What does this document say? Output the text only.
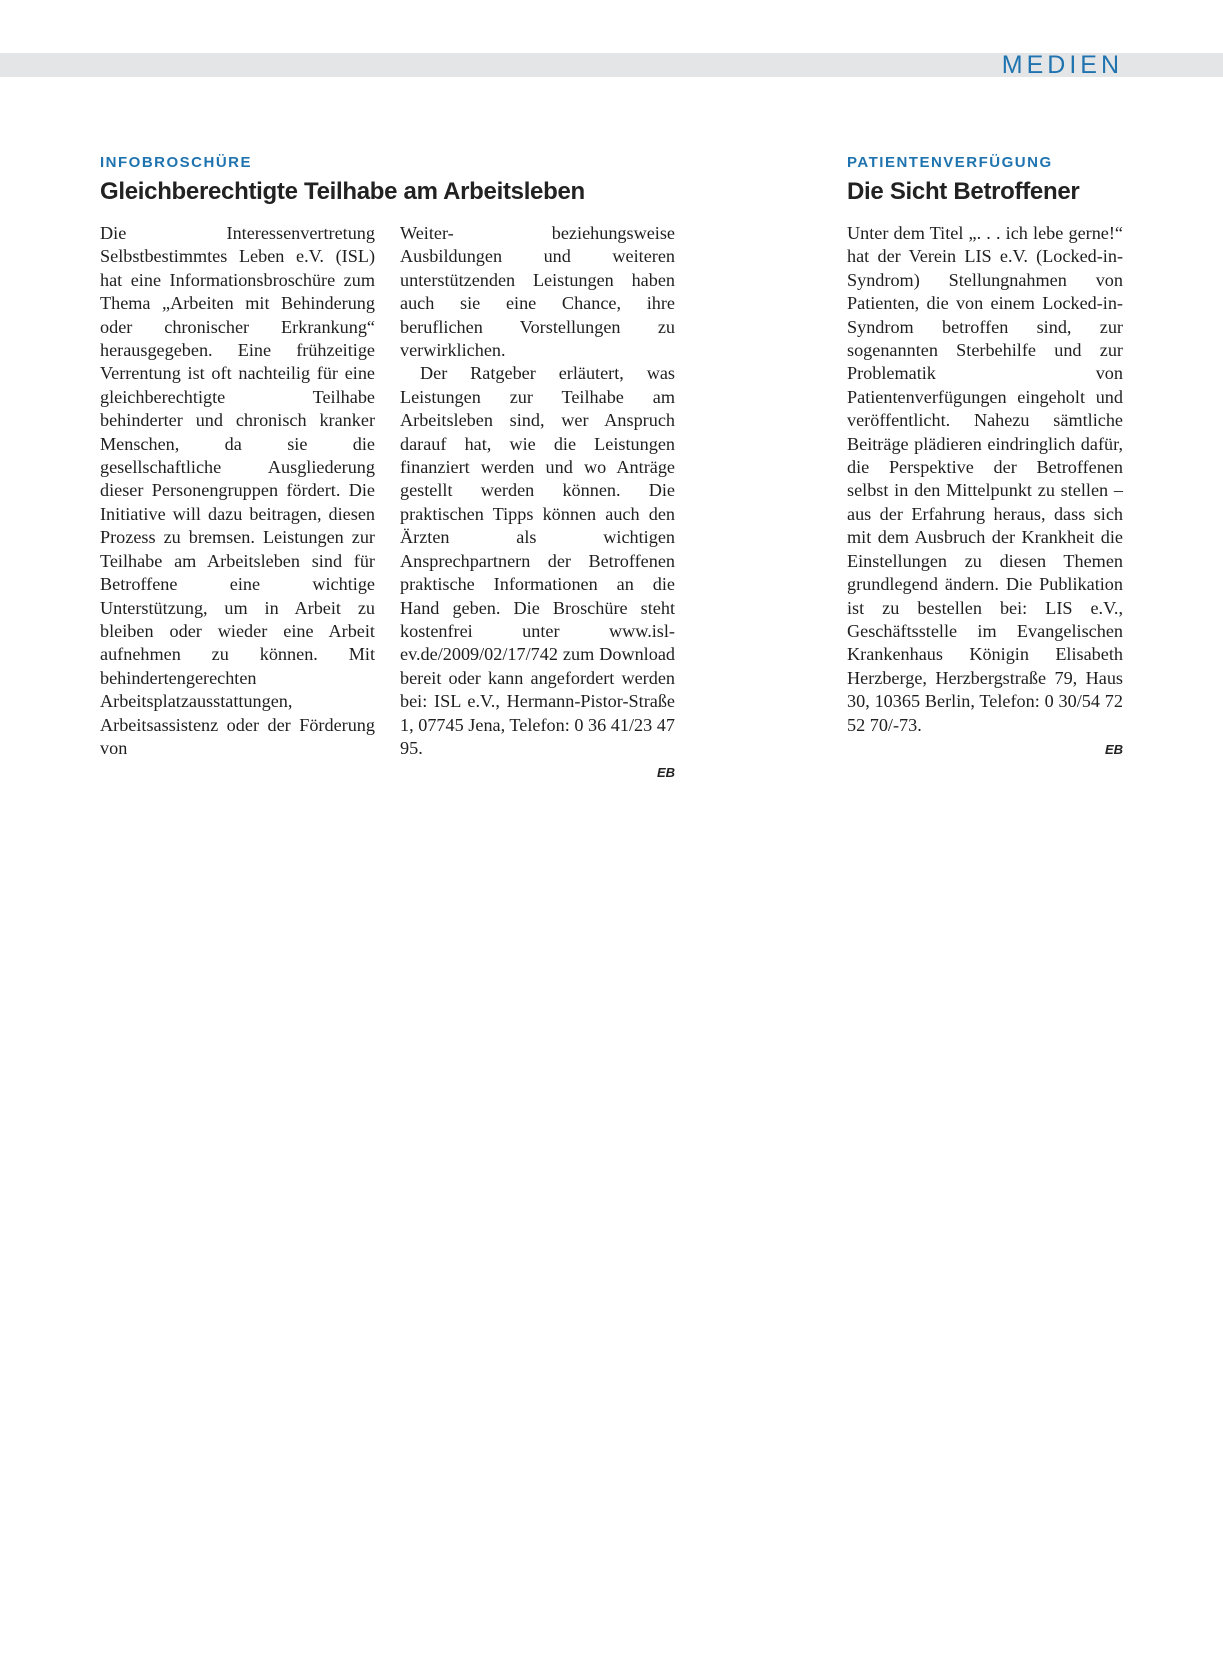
MEDIEN
INFOBROSCHÜRE
Gleichberechtigte Teilhabe am Arbeitsleben

Die Interessenvertretung Selbstbestimmtes Leben e.V. (ISL) hat eine Informationsbroschüre zum Thema „Arbeiten mit Behinderung oder chronischer Erkrankung“ herausgegeben. Eine frühzeitige Verrentung ist oft nachteilig für eine gleichberechtigte Teilhabe behinderter und chronisch kranker Menschen, da sie die gesellschaftliche Ausgliederung dieser Personengruppen fördert. Die Initiative will dazu beitragen, diesen Prozess zu bremsen. Leistungen zur Teilhabe am Arbeitsleben sind für Betroffene eine wichtige Unterstützung, um in Arbeit zu bleiben oder wieder eine Arbeit aufnehmen zu können. Mit behindertengerechten Arbeitsplatzausstattungen, Arbeitsassistenz oder der Förderung von

Weiter- beziehungsweise Ausbildungen und weiteren unterstützenden Leistungen haben auch sie eine Chance, ihre beruflichen Vorstellungen zu verwirklichen.

Der Ratgeber erläutert, was Leistungen zur Teilhabe am Arbeitsleben sind, wer Anspruch darauf hat, wie die Leistungen finanziert werden und wo Anträge gestellt werden können. Die praktischen Tipps können auch den Ärzten als wichtigen Ansprechpartnern der Betroffenen praktische Informationen an die Hand geben. Die Broschüre steht kostenfrei unter www.isl-ev.de/2009/02/17/742 zum Download bereit oder kann angefordert werden bei: ISL e.V., Hermann-Pistor-Straße 1, 07745 Jena, Telefon: 0 36 41/23 47 95.

EB
PATIENTENVERFÜGUNG
Die Sicht Betroffener

Unter dem Titel „. . . ich lebe gerne!“ hat der Verein LIS e.V. (Locked-in-Syndrom) Stellungnahmen von Patienten, die von einem Locked-in-Syndrom betroffen sind, zur sogenannten Sterbehilfe und zur Problematik von Patientenverfügungen eingeholt und veröffentlicht. Nahezu sämtliche Beiträge plädieren eindringlich dafür, die Perspektive der Betroffenen selbst in den Mittelpunkt zu stellen – aus der Erfahrung heraus, dass sich mit dem Ausbruch der Krankheit die Einstellungen zu diesen Themen grundlegend ändern. Die Publikation ist zu bestellen bei: LIS e.V., Geschäftsstelle im Evangelischen Krankenhaus Königin Elisabeth Herzberge, Herzbergstraße 79, Haus 30, 10365 Berlin, Telefon: 0 30/54 72 52 70/-73.

EB
